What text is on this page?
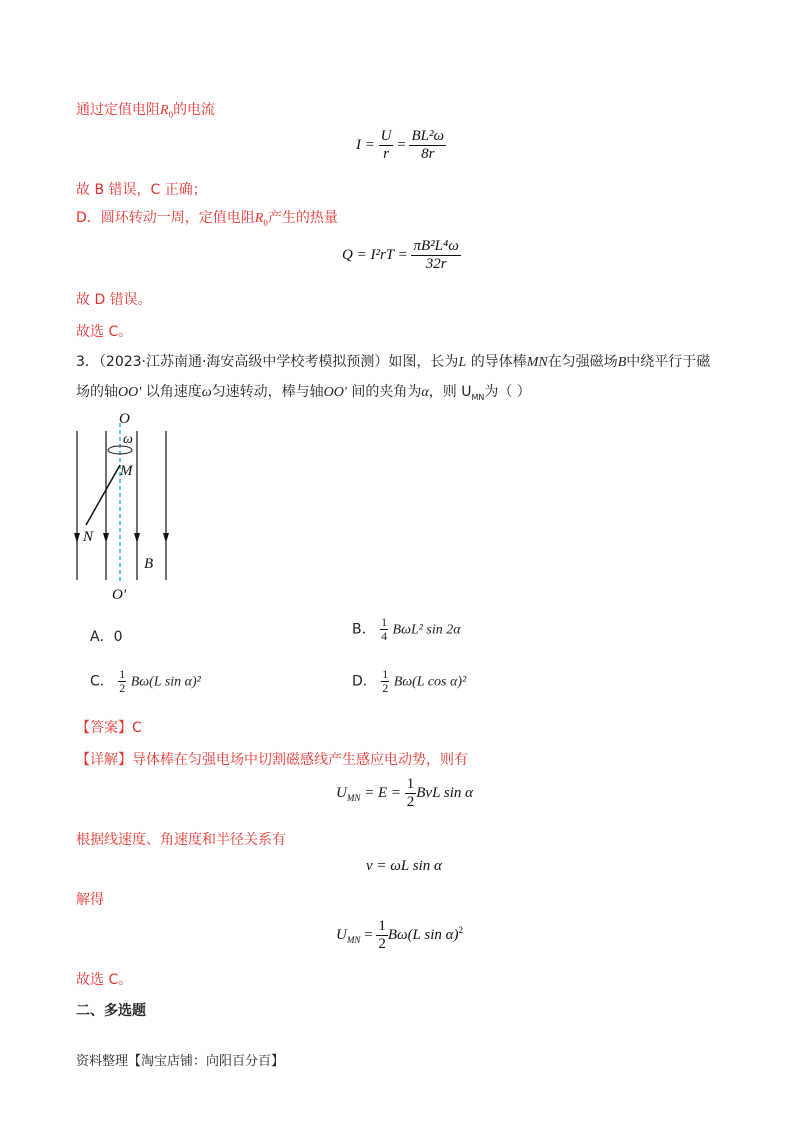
通过定值电阻$R_0$的电流
$I = \frac{U}{r} = \frac{\text{BL²ω}}{8r}$
故 B 错误，C 正确；
D．圆环转动一周，定值电阻$R_0$产生的热量
$Q = I^2rT = \frac{\text{πB²L⁴ω}}{32r}$
故 D 错误。
故选 C。
3．（2023·江苏南通·海安高级中学校考模拟预测）如图，长为L 的导体棒MN在匀强磁场B中绕平行于磁
场的轴OO′ 以角速度ω匀速转动，棒与轴OO′ 间的夹角为α，则 $U_{MN}$为（ ）
O
ω
M
N
B
O′
A．0	B． $\frac{1}{4} B\omega L^2$ sin 2α
C． $\frac{1}{2} B\omega(L$ sin α)²	D． $\frac{1}{2} B\omega(L$ cos α)²
【答案】C
【详解】导体棒在匀强电场中切割磁感线产生感应电动势，则有
$U_{MN} = E = \frac{1}{2}$ BvL sin α
根据线速度、角速度和半径关系有
v = ωL sin α
解得
$U_{MN} = \frac{1}{2} B\omega(L$ sin α)$^2$
故选 C。
二、多选题
资料整理【淘宝店铺：向阳百分百】
